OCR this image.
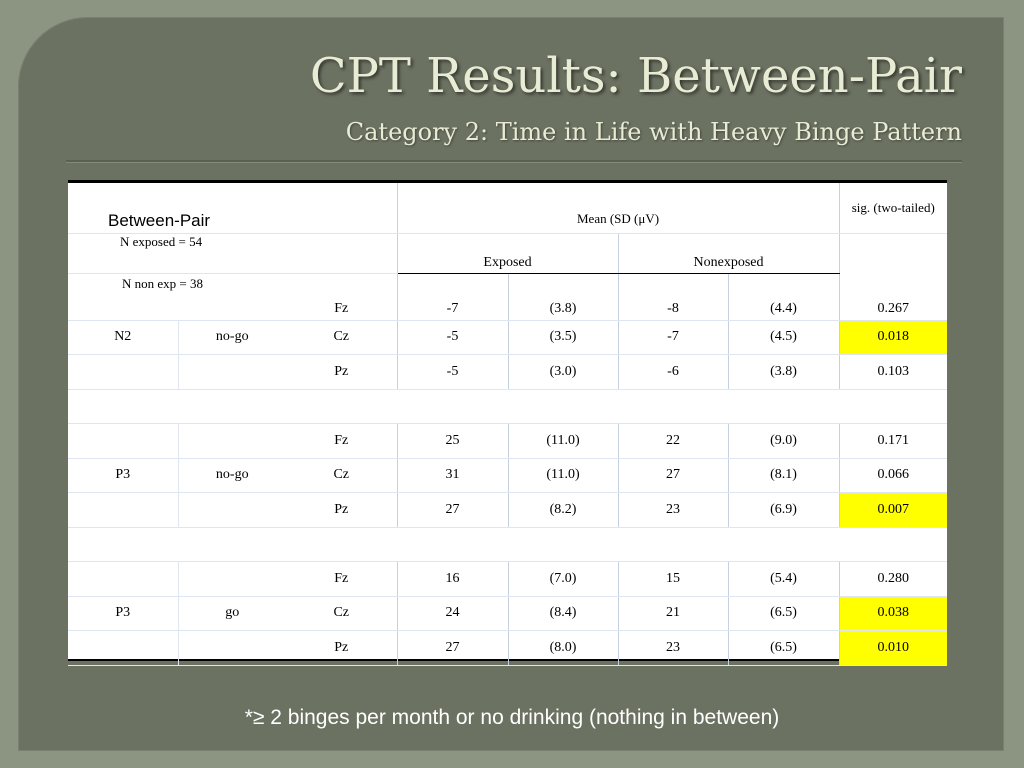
CPT Results: Between-Pair
Category 2: Time in Life with Heavy Binge Pattern
Between-Pair			Mean (SD (μV)				sig. (two-tailed)
N exposed = 54			Exposed		Nonexposed		
N non exp = 38		Fz	-7	(3.8)	-8	(4.4)	0.267
N2	no-go	Cz	-5	(3.5)	-7	(4.5)	0.018
		Pz	-5	(3.0)	-6	(3.8)	0.103

		Fz	25	(11.0)	22	(9.0)	0.171
P3	no-go	Cz	31	(11.0)	27	(8.1)	0.066
		Pz	27	(8.2)	23	(6.9)	0.007

		Fz	16	(7.0)	15	(5.4)	0.280
P3	go	Cz	24	(8.4)	21	(6.5)	0.038
		Pz	27	(8.0)	23	(6.5)	0.010
*≥ 2 binges per month or no drinking (nothing in between)
